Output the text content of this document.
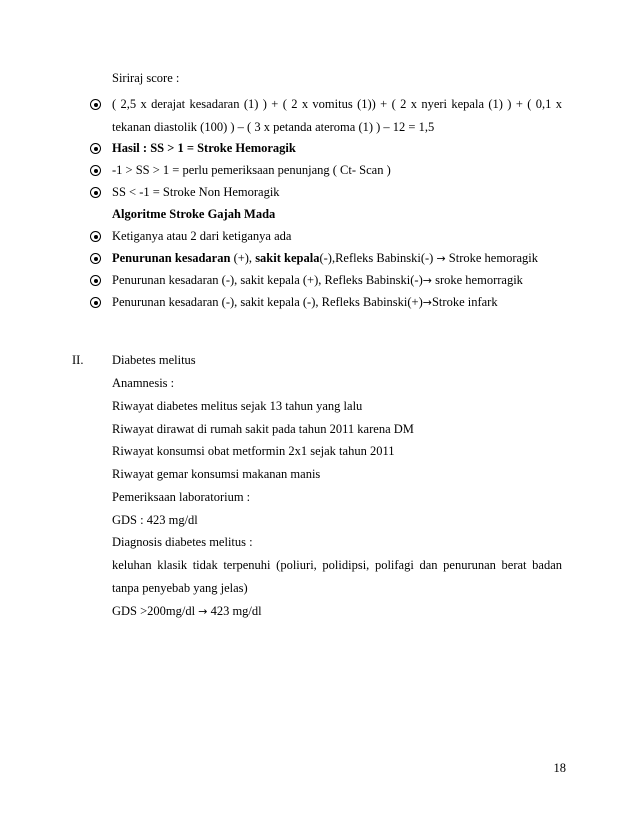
Siriraj score :
( 2,5 x derajat kesadaran (1) ) + ( 2 x vomitus (1)) + ( 2 x nyeri kepala (1) ) + ( 0,1 x
tekanan diastolik (100) ) – ( 3 x petanda ateroma (1) ) – 12 = 1,5
Hasil : SS > 1 = Stroke Hemoragik
-1 > SS > 1 = perlu pemeriksaan penunjang ( Ct- Scan )
SS < -1 = Stroke Non Hemoragik
Algoritme Stroke Gajah Mada
Ketiganya atau 2 dari ketiganya ada
Penurunan kesadaran (+), sakit kepala(-),Refleks Babinski(-) → Stroke hemoragik
Penurunan kesadaran (-), sakit kepala (+), Refleks Babinski(-)→ sroke hemorragik
Penurunan kesadaran (-), sakit kepala (-), Refleks Babinski(+)→Stroke infark
II. Diabetes melitus
Anamnesis :
Riwayat diabetes melitus sejak 13 tahun yang lalu
Riwayat dirawat di rumah sakit pada tahun 2011 karena DM
Riwayat konsumsi obat metformin 2x1 sejak tahun 2011
Riwayat gemar konsumsi makanan manis
Pemeriksaan laboratorium :
GDS : 423 mg/dl
Diagnosis diabetes melitus :
keluhan klasik tidak terpenuhi (poliuri, polidipsi, polifagi dan penurunan berat badan
tanpa penyebab yang jelas)
GDS >200mg/dl → 423 mg/dl
18
